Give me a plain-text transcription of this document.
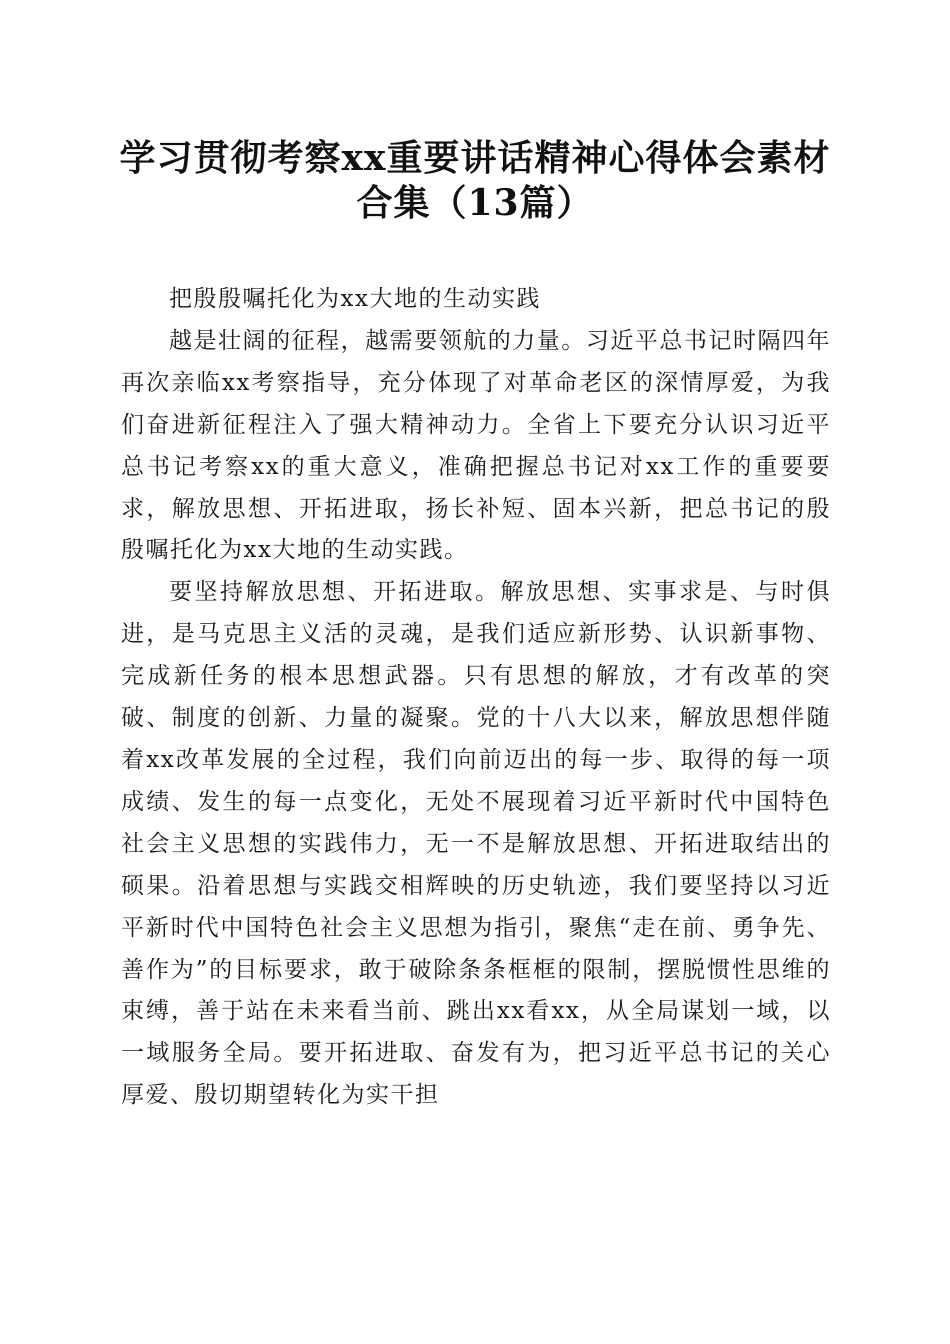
学习贯彻考察xx重要讲话精神心得体会素材
合集（13篇）

把殷殷嘱托化为xx大地的生动实践

越是壮阔的征程，越需要领航的力量。习近平总书记时隔四年再次亲临xx考察指导，充分体现了对革命老区的深情厚爱，为我们奋进新征程注入了强大精神动力。全省上下要充分认识习近平总书记考察xx的重大意义，准确把握总书记对xx工作的重要要求，解放思想、开拓进取，扬长补短、固本兴新，把总书记的殷殷嘱托化为xx大地的生动实践。

要坚持解放思想、开拓进取。解放思想、实事求是、与时俱进，是马克思主义活的灵魂，是我们适应新形势、认识新事物、完成新任务的根本思想武器。只有思想的解放，才有改革的突破、制度的创新、力量的凝聚。党的十八大以来，解放思想伴随着xx改革发展的全过程，我们向前迈出的每一步、取得的每一项成绩、发生的每一点变化，无处不展现着习近平新时代中国特色社会主义思想的实践伟力，无一不是解放思想、开拓进取结出的硕果。沿着思想与实践交相辉映的历史轨迹，我们要坚持以习近平新时代中国特色社会主义思想为指引，聚焦“走在前、勇争先、善作为”的目标要求，敢于破除条条框框的限制，摆脱惯性思维的束缚，善于站在未来看当前、跳出xx看xx，从全局谋划一域，以一域服务全局。要开拓进取、奋发有为，把习近平总书记的关心厚爱、殷切期望转化为实干担
